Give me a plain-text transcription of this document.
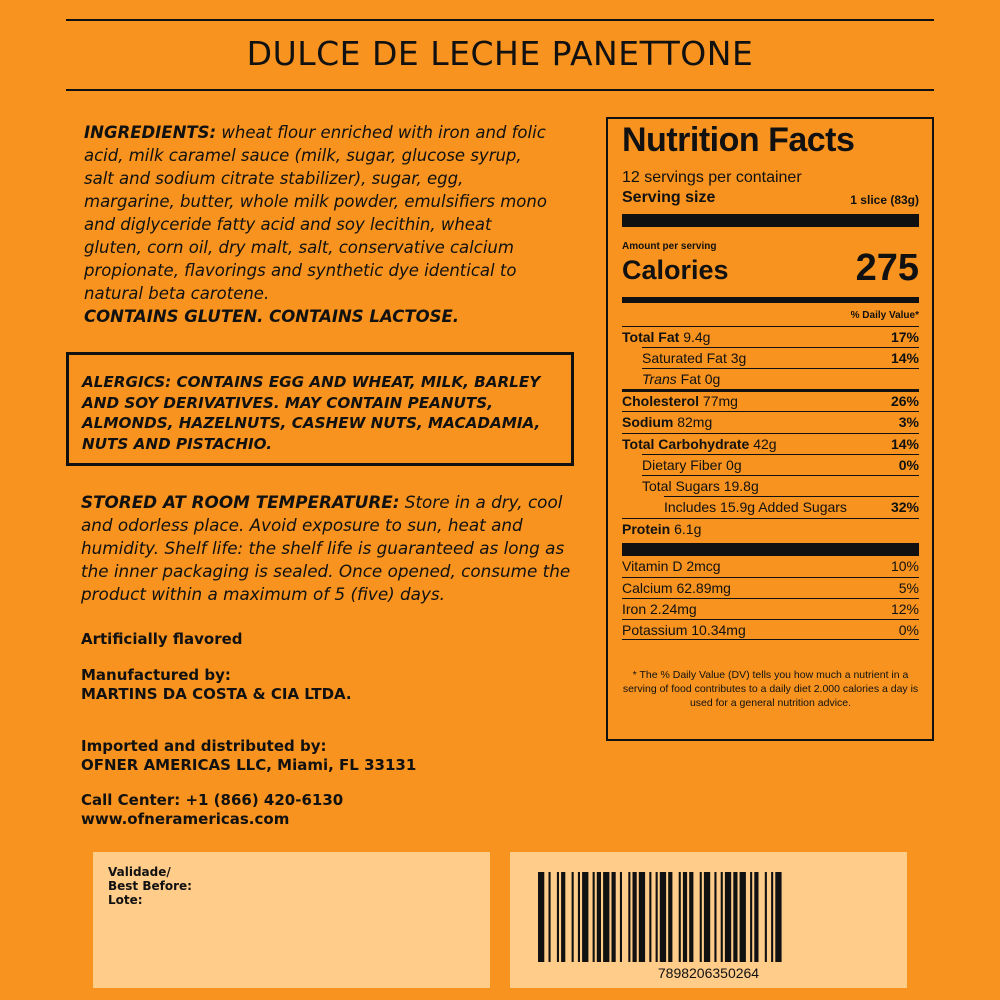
DULCE DE LECHE PANETTONE
INGREDIENTS: wheat flour enriched with iron and folic acid, milk caramel sauce (milk, sugar, glucose syrup, salt and sodium citrate stabilizer), sugar, egg, margarine, butter, whole milk powder, emulsifiers mono and diglyceride fatty acid and soy lecithin, wheat gluten, corn oil, dry malt, salt, conservative calcium propionate, flavorings and synthetic dye identical to natural beta carotene.
CONTAINS GLUTEN. CONTAINS LACTOSE.
ALERGICS: CONTAINS EGG AND WHEAT, MILK, BARLEY AND SOY DERIVATIVES. MAY CONTAIN PEANUTS, ALMONDS, HAZELNUTS, CASHEW NUTS, MACADAMIA, NUTS AND PISTACHIO.
STORED AT ROOM TEMPERATURE: Store in a dry, cool and odorless place. Avoid exposure to sun, heat and humidity. Shelf life: the shelf life is guaranteed as long as the inner packaging is sealed. Once opened, consume the product within a maximum of 5 (five) days.
Artificially flavored
Manufactured by:
MARTINS DA COSTA & CIA LTDA.
Imported and distributed by:
OFNER AMERICAS LLC, Miami, FL 33131
Call Center: +1 (866) 420-6130
www.ofneramericas.com
Nutrition Facts
12 servings per container
Serving size	1 slice (83g)
Amount per serving
Calories	275
% Daily Value*
Total Fat 9.4g	17%
Saturated Fat 3g	14%
Trans Fat 0g
Cholesterol 77mg	26%
Sodium 82mg	3%
Total Carbohydrate 42g	14%
Dietary Fiber 0g	0%
Total Sugars 19.8g
Includes 15.9g Added Sugars	32%
Protein 6.1g
Vitamin D 2mcg	10%
Calcium 62.89mg	5%
Iron 2.24mg	12%
Potassium 10.34mg	0%
* The % Daily Value (DV) tells you how much a nutrient in a serving of food contributes to a daily diet 2.000 calories a day is used for a general nutrition advice.
Validade/
Best Before:
Lote:
7898206350264
